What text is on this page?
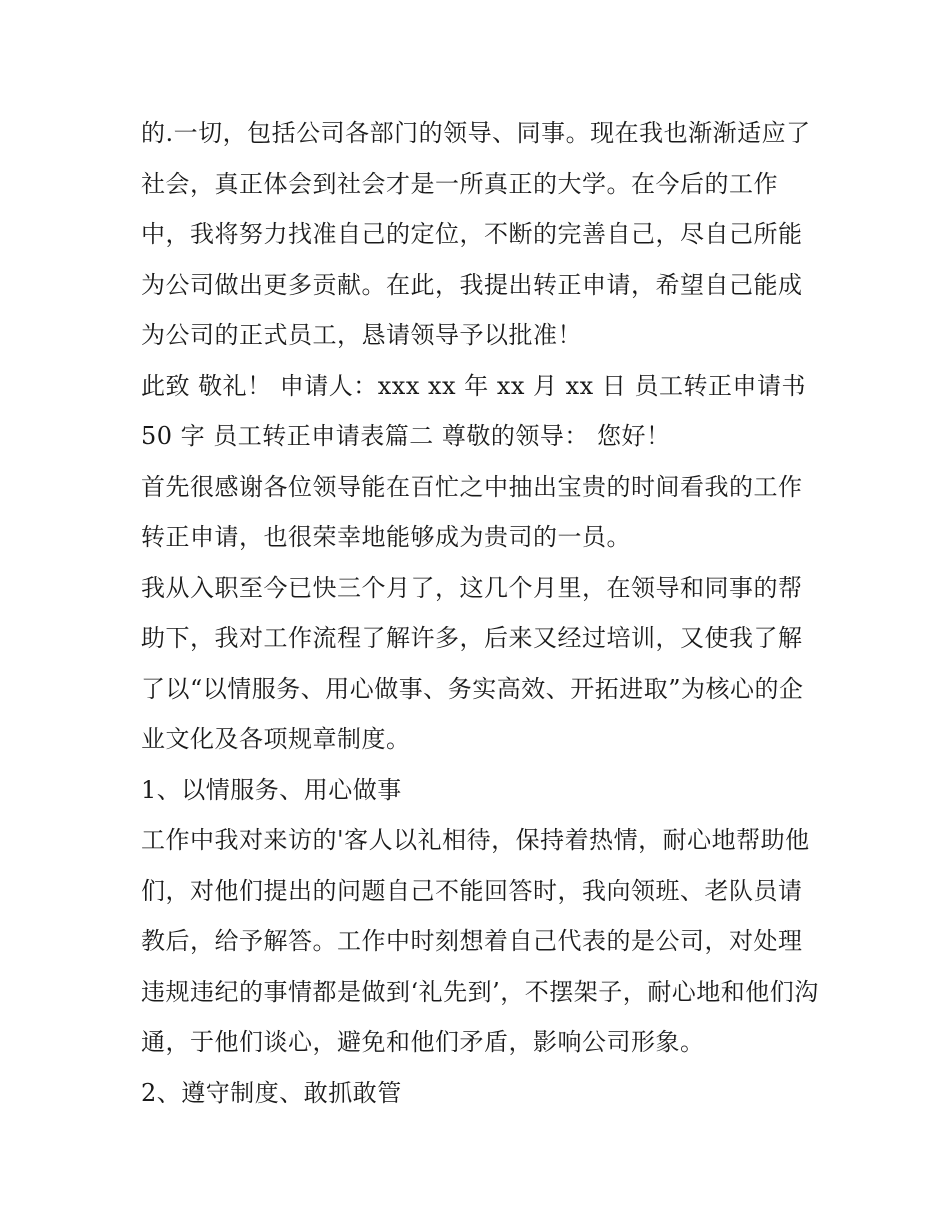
的.一切，包括公司各部门的领导、同事。现在我也渐渐适应了社会，真正体会到社会才是一所真正的大学。在今后的工作中，我将努力找准自己的定位，不断的完善自己，尽自己所能为公司做出更多贡献。在此，我提出转正申请，希望自己能成为公司的正式员工，恳请领导予以批准！

此致 敬礼！ 申请人：xxx xx 年 xx 月 xx 日 员工转正申请书 50 字 员工转正申请表篇二 尊敬的领导： 您好！

首先很感谢各位领导能在百忙之中抽出宝贵的时间看我的工作转正申请，也很荣幸地能够成为贵司的一员。

我从入职至今已快三个月了，这几个月里，在领导和同事的帮助下，我对工作流程了解许多，后来又经过培训，又使我了解了以“以情服务、用心做事、务实高效、开拓进取”为核心的企业文化及各项规章制度。

1、以情服务、用心做事

工作中我对来访的'客人以礼相待，保持着热情，耐心地帮助他们，对他们提出的问题自己不能回答时，我向领班、老队员请教后，给予解答。工作中时刻想着自己代表的是公司，对处理违规违纪的事情都是做到‘礼先到’，不摆架子，耐心地和他们沟通，于他们谈心，避免和他们矛盾，影响公司形象。

2、遵守制度、敢抓敢管
